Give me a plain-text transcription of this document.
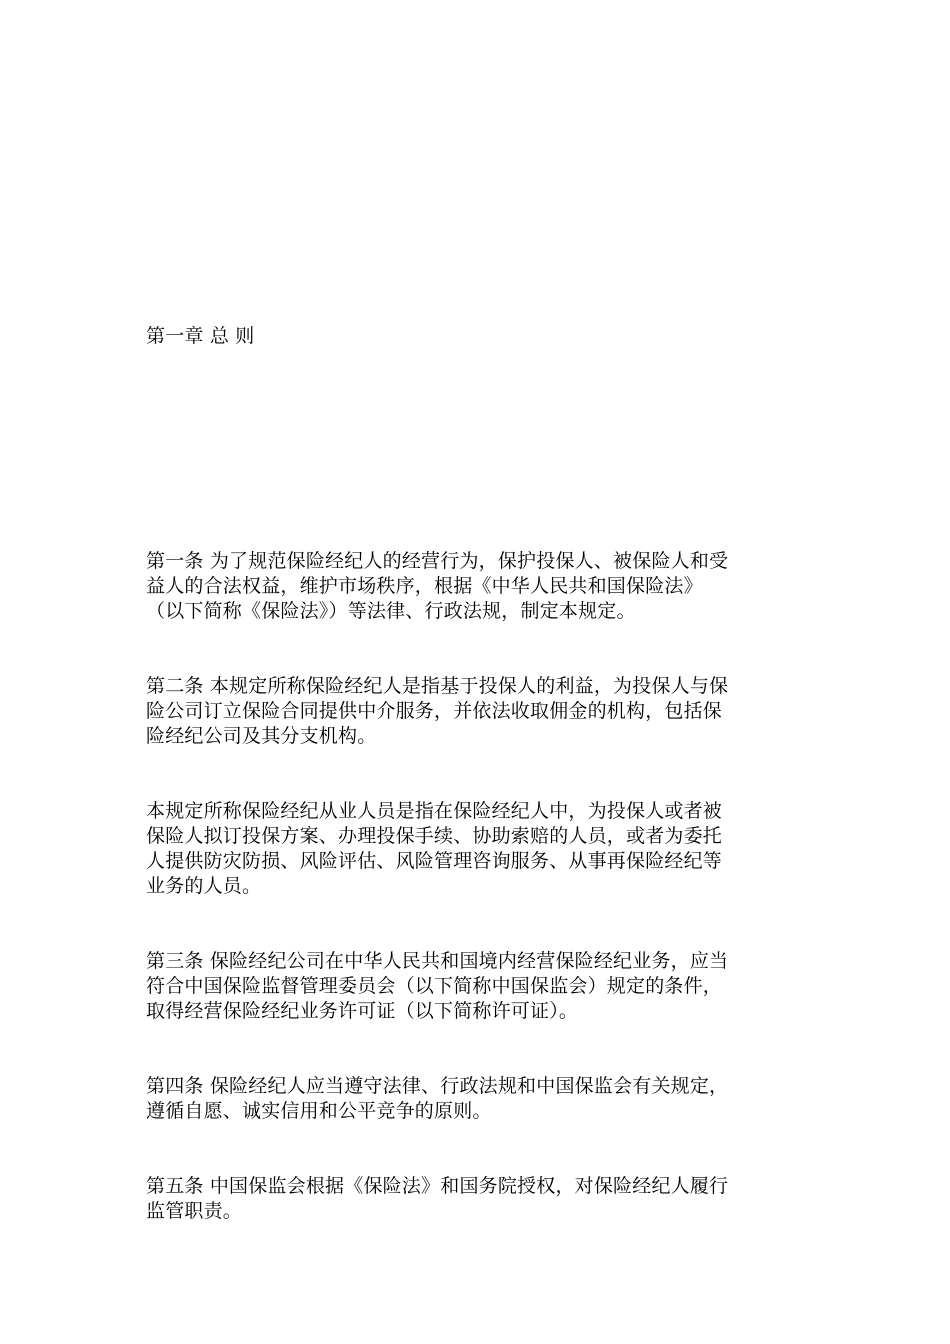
第一章 总 则

第一条 为了规范保险经纪人的经营行为，保护投保人、被保险人和受
益人的合法权益，维护市场秩序，根据《中华人民共和国保险法》
（以下简称《保险法》）等法律、行政法规，制定本规定。

第二条 本规定所称保险经纪人是指基于投保人的利益，为投保人与保
险公司订立保险合同提供中介服务，并依法收取佣金的机构，包括保
险经纪公司及其分支机构。

本规定所称保险经纪从业人员是指在保险经纪人中，为投保人或者被
保险人拟订投保方案、办理投保手续、协助索赔的人员，或者为委托
人提供防灾防损、风险评估、风险管理咨询服务、从事再保险经纪等
业务的人员。

第三条 保险经纪公司在中华人民共和国境内经营保险经纪业务，应当
符合中国保险监督管理委员会（以下简称中国保监会）规定的条件，
取得经营保险经纪业务许可证（以下简称许可证）。

第四条 保险经纪人应当遵守法律、行政法规和中国保监会有关规定，
遵循自愿、诚实信用和公平竞争的原则。

第五条 中国保监会根据《保险法》和国务院授权，对保险经纪人履行
监管职责。
